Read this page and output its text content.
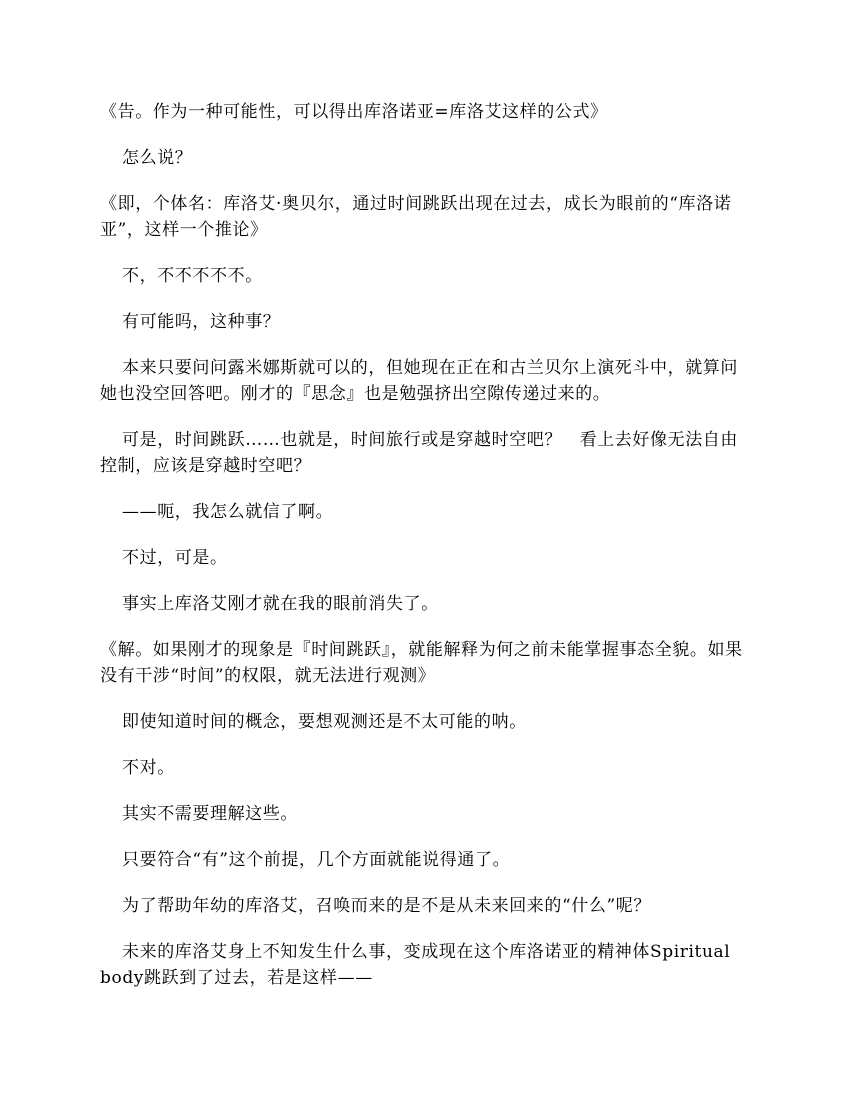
《告。作为一种可能性，可以得出库洛诺亚=库洛艾这样的公式》

怎么说？

《即，个体名：库洛艾·奥贝尔，通过时间跳跃出现在过去，成长为眼前的“库洛诺亚”，这样一个推论》

不，不不不不不。

有可能吗，这种事？

本来只要问问露米娜斯就可以的，但她现在正在和古兰贝尔上演死斗中，就算问她也没空回答吧。刚才的『思念』也是勉强挤出空隙传递过来的。

可是，时间跳跃……也就是，时间旅行或是穿越时空吧？　看上去好像无法自由控制，应该是穿越时空吧？

——呃，我怎么就信了啊。

不过，可是。

事实上库洛艾刚才就在我的眼前消失了。

《解。如果刚才的现象是『时间跳跃』，就能解释为何之前未能掌握事态全貌。如果没有干涉“时间”的权限，就无法进行观测》

即使知道时间的概念，要想观测还是不太可能的呐。

不对。

其实不需要理解这些。

只要符合“有”这个前提，几个方面就能说得通了。

为了帮助年幼的库洛艾，召唤而来的是不是从未来回来的“什么”呢？

未来的库洛艾身上不知发生什么事，变成现在这个库洛诺亚的精神体Spiritual　body跳跃到了过去，若是这样——
